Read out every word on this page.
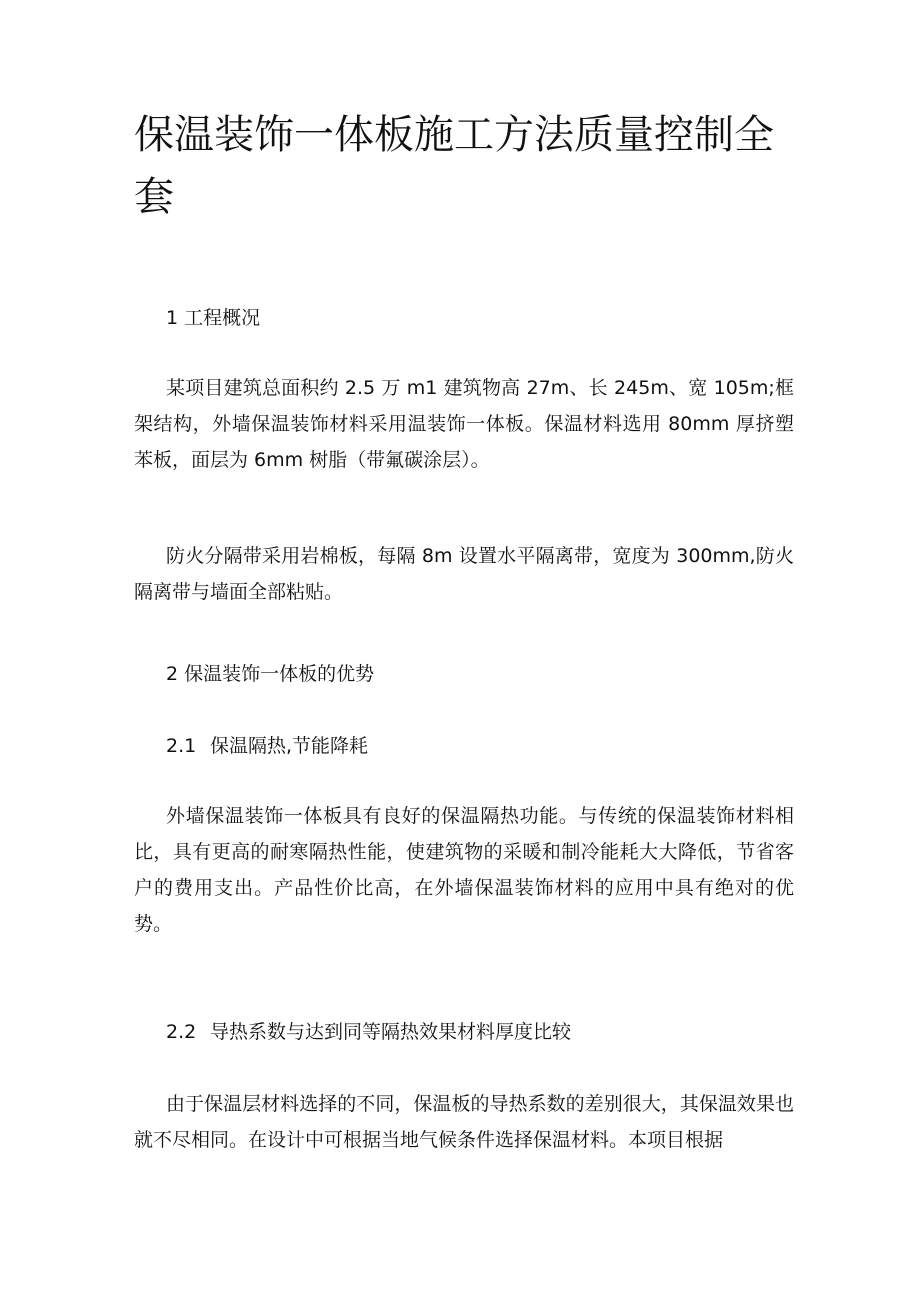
保温装饰一体板施工方法质量控制全套

1 工程概况

某项目建筑总面积约 2.5 万 m1 建筑物高 27m、长 245m、宽 105m;框架结构，外墙保温装饰材料采用温装饰一体板。保温材料选用 80mm 厚挤塑苯板，面层为 6mm 树脂（带氟碳涂层）。

防火分隔带采用岩棉板，每隔 8m 设置水平隔离带，宽度为 300mm,防火隔离带与墙面全部粘贴。

2 保温装饰一体板的优势

2.1 保温隔热,节能降耗

外墙保温装饰一体板具有良好的保温隔热功能。与传统的保温装饰材料相比，具有更高的耐寒隔热性能，使建筑物的采暖和制冷能耗大大降低，节省客户的费用支出。产品性价比高，在外墙保温装饰材料的应用中具有绝对的优势。

2.2 导热系数与达到同等隔热效果材料厚度比较

由于保温层材料选择的不同，保温板的导热系数的差别很大，其保温效果也就不尽相同。在设计中可根据当地气候条件选择保温材料。本项目根据
